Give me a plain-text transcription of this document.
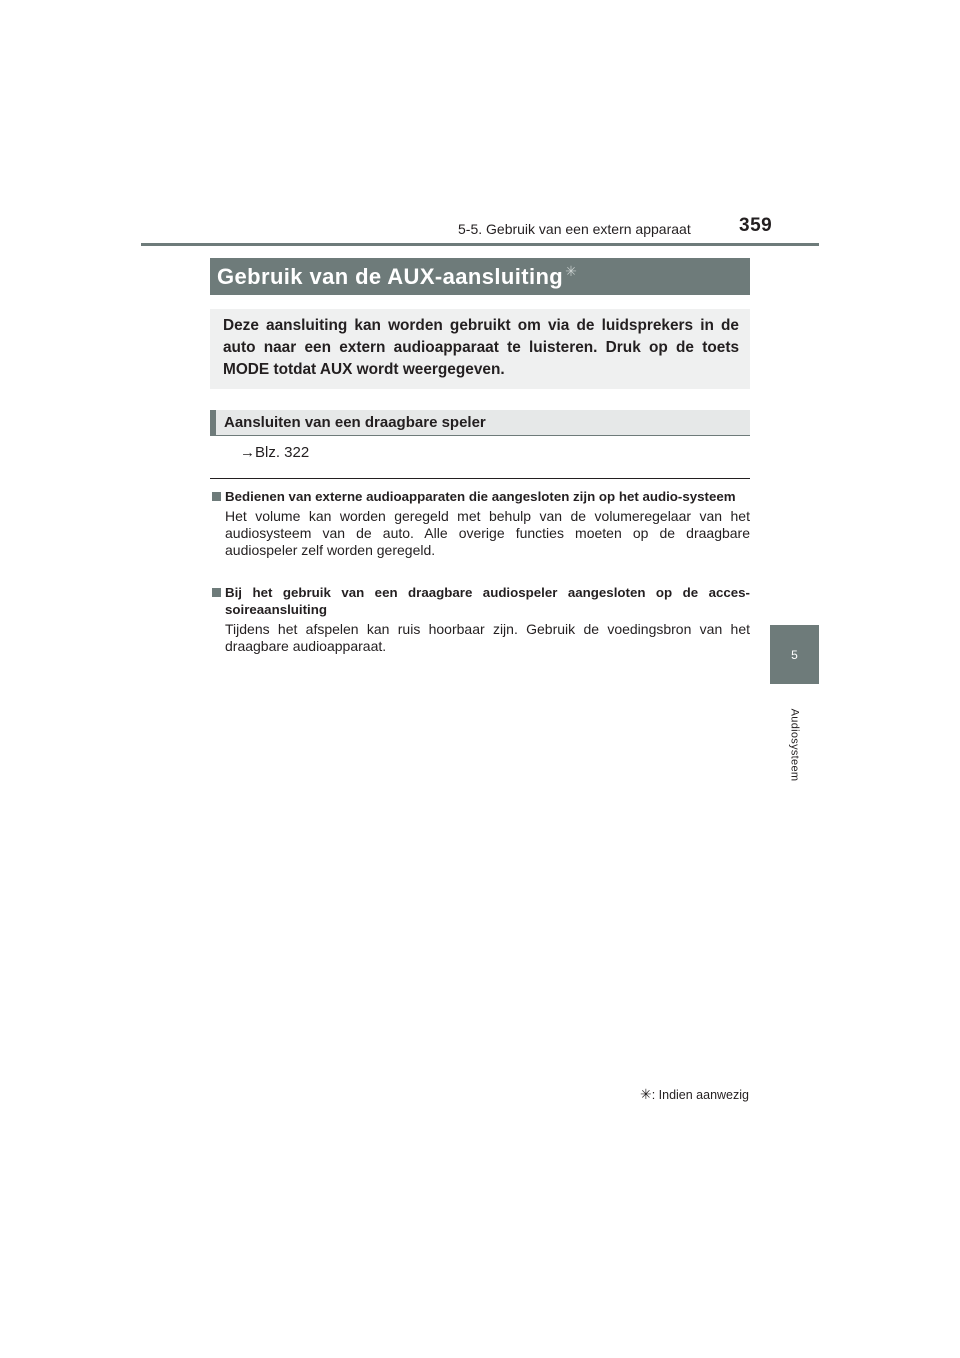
5-5. Gebruik van een extern apparaat	359
5
Audiosysteem
Gebruik van de AUX-aansluiting ✳
Deze aansluiting kan worden gebruikt om via de luidsprekers in de auto naar een extern audioapparaat te luisteren. Druk op de toets MODE totdat AUX wordt weergegeven.
Aansluiten van een draagbare speler
→Blz. 322
Bedienen van externe audioapparaten die aangesloten zijn op het audio-systeem
Het volume kan worden geregeld met behulp van de volumeregelaar van het audiosysteem van de auto. Alle overige functies moeten op de draagbare audiospeler zelf worden geregeld.
Bij het gebruik van een draagbare audiospeler aangesloten op de acces-soireaansluiting
Tijdens het afspelen kan ruis hoorbaar zijn. Gebruik de voedingsbron van het draagbare audioapparaat.
✳: Indien aanwezig
